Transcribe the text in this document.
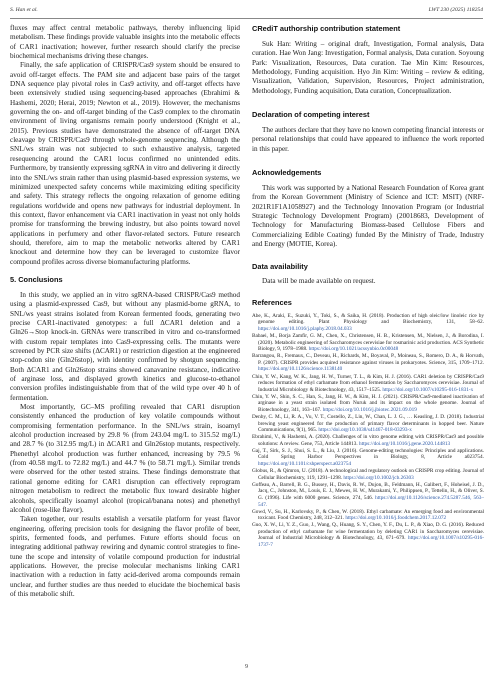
S. Han et al.	LWT 230 (2025) 118254

fluxes may affect central metabolic pathways, thereby influencing lipid metabolism. These findings provide valuable insights into the metabolic effects of CAR1 inactivation; however, further research should clarify the precise biochemical mechanisms driving these changes.

Finally, the safe application of CRISPR/Cas9 system should be ensured to avoid off-target effects. The PAM site and adjacent base pairs of the target DNA sequence play pivotal roles in Cas9 activity, and off-target effects have been extensively studied using sequencing-based approaches (Ebrahimi & Hashemi, 2020; Herai, 2019; Newton et al., 2019). However, the mechanisms governing the on- and off-target binding of the Cas9 complex to the chromatin environment of living organisms remain poorly understood (Knight et al., 2015). Previous studies have demonstrated the absence of off-target DNA cleavage by CRISPR/Cas9 through whole-genome sequencing. Although the SNL/ws strain was not subjected to such exhaustive analysis, targeted resequencing around the CAR1 locus confirmed no unintended edits. Furthermore, by transiently expressing sgRNA in vitro and delivering it directly into the SNL/ws strain rather than using plasmid-based expression systems, we minimized unexpected safety concerns while maximizing editing specificity and safety. This strategy reflects the ongoing relaxation of genome editing regulations worldwide and opens new pathways for industrial deployment. In this context, flavor enhancement via CAR1 inactivation in yeast not only holds promise for transforming the brewing industry, but also points toward novel applications in perfumery and other flavor-related sectors. Future research should, therefore, aim to map the metabolic networks altered by CAR1 knockout and determine how they can be leveraged to customize flavor compound profiles across diverse biomanufacturing platforms.

5. Conclusions

In this study, we applied an in vitro sgRNA-based CRISPR/Cas9 method using a plasmid-expressed Cas9, but without any plasmid-borne gRNA, to SNL/ws yeast strains isolated from Korean fermented foods, generating two precise CAR1-inactivated genotypes: a full ΔCAR1 deletion and a Gln26→Stop knock-in. GRNAs were transcribed in vitro and co-transformed with custom repair templates into Cas9-expressing cells. The mutants were screened by PCR size shifts (ΔCAR1) or restriction digestion at the engineered stop-codon site (Gln26stop), with identity confirmed by shotgun sequencing. Both ΔCAR1 and Gln26stop strains showed canavanine resistance, indicative of arginase loss, and displayed growth kinetics and glucose-to-ethanol conversion profiles indistinguishable from that of the wild type over 40 h of fermentation.

Most importantly, GC–MS profiling revealed that CAR1 disruption consistently enhanced the production of key volatile compounds without compromising fermentation performance. In the SNL/ws strain, isoamyl alcohol production increased by 29.8 % (from 243.04 mg/L to 315.52 mg/L) and 28.7 % (to 312.95 mg/L) in ΔCAR1 and Gln26stop mutants, respectively. Phenethyl alcohol production was further enhanced, increasing by 79.5 % (from 40.58 mg/L to 72.82 mg/L) and 44.7 % (to 58.71 mg/L). Similar trends were observed for the other tested strains. These findings demonstrate that rational genome editing for CAR1 disruption can effectively reprogram nitrogen metabolism to redirect the metabolic flux toward desirable higher alcohols, specifically isoamyl alcohol (tropical/banana notes) and phenethyl alcohol (rose-like flavor).

Taken together, our results establish a versatile platform for yeast flavor engineering, offering precision tools for designing the flavor profile of beer, spirits, fermented foods, and perfumes. Future efforts should focus on integrating additional pathway rewiring and dynamic control strategies to fine-tune the scope and intensity of volatile compound production for industrial applications. However, the precise molecular mechanisms linking CAR1 inactivation with a reduction in fatty acid-derived aroma compounds remain unclear, and further studies are thus needed to elucidate the biochemical basis of this metabolic shift.

CRediT authorship contribution statement

Suk Han: Writing – original draft, Investigation, Formal analysis, Data curation. Hae Won Jang: Investigation, Formal analysis, Data curation. Soyoung Park: Visualization, Resources, Data curation. Tae Min Kim: Resources, Methodology, Funding acquisition. Hyo Jin Kim: Writing – review & editing, Visualization, Validation, Supervision, Resources, Project administration, Methodology, Funding acquisition, Data curation, Conceptualization.

Declaration of competing interest

The authors declare that they have no known competing financial interests or personal relationships that could have appeared to influence the work reported in this paper.

Acknowledgements

This work was supported by a National Research Foundation of Korea grant from the Korean Government (Ministry of Science and ICT: MSIT) (NRF-2021R1F1A1058927) and the Technology Innovation Program (or Industrial Strategic Technology Development Program) (20018683, Development of Technology for Manufacturing Biomass-based Cellulose Fibers and Commercializing Edible Coating) funded By the Ministry of Trade, Industry and Energy (MOTIE, Korea).

Data availability

Data will be made available on request.

References

Abe, K., Araki, E., Suzuki, Y., Toki, S., & Saika, H. (2018). Production of high oleic/low linoleic rice by genome editing. Plant Physiology and Biochemistry, 131, 58–62. https://doi.org/10.1016/j.plaphy.2018.04.033

Babaei, M., Borja Zamfir, G. M., Chen, X., Christensen, H. B., Kristensen, M., Nielsen, J., & Borodina, I. (2020). Metabolic engineering of Saccharomyces cerevisiae for rosmarinic acid production. ACS Synthetic Biology, 9, 1978–1988. https://doi.org/10.1021/acssynbio.0c00048

Barrangou, R., Fremaux, C., Deveau, H., Richards, M., Boyaval, P., Moineau, S., Romero, D. A., & Horvath, P. (2007). CRISPR provides acquired resistance against viruses in prokaryotes. Science, 315, 1709–1712. https://doi.org/10.1126/science.1138140

Chin, Y. W., Kang, W. K., Jang, H. W., Turner, T. L., & Kim, H. J. (2016). CAR1 deletion by CRISPR/Cas9 reduces formation of ethyl carbamate from ethanol fermentation by Saccharomyces cerevisiae. Journal of Industrial Microbiology & Biotechnology, 43, 1517–1525. https://doi.org/10.1007/s10295-016-1831-x

Chin, Y. W., Shin, S. C., Han, S., Jang, H. W., & Kim, H. J. (2021). CRISPR/Cas9-mediated inactivation of arginase in a yeast strain isolated from Nuruk and its impact on the whole genome. Journal of Biotechnology, 341, 163–167. https://doi.org/10.1016/j.jbiotec.2021.09.019

Denby, C. M., Li, R. A., Vu, V. T., Costello, Z., Lin, W., Chan, L. J. G., … Keasling, J. D. (2018). Industrial brewing yeast engineered for the production of primary flavor determinants in hopped beer. Nature Communications, 9(1), 965. https://doi.org/10.1038/s41467-018-03293-x

Ebrahimi, V., & Hashemi, A. (2020). Challenges of in vitro genome editing with CRISPR/Cas9 and possible solutions: A review. Gene, 753, Article 144813. https://doi.org/10.1016/j.gene.2020.144813

Gaj, T., Sirk, S. J., Shui, S. L., & Liu, J. (2016). Genome-editing technologies: Principles and applications. Cold Spring Harbor Perspectives in Biology, 8, Article a023754. https://doi.org/10.1101/cshperspect.a023754

Globus, R., & Qimron, U. (2018). A technological and regulatory outlook on CRISPR crop editing. Journal of Cellular Biochemistry, 119, 1291–1298. https://doi.org/10.1002/jcb.26303

Goffeau, A., Barrell, B. G., Bussey, H., Davis, R. W., Dujon, B., Feldmann, H., Galibert, F., Hoheisel, J. D., Jacq, C., Johnston, M., Louis, E. J., Mewes, H. W., Murakami, Y., Philippsen, P., Tettelin, H., & Oliver, S. G. (1996). Life with 6000 genes. Science, 274, 546. https://doi.org/10.1126/science.274.5287.546, 563–547.

Gowd, V., Su, H., Karlovsky, P., & Chen, W. (2018). Ethyl carbamate: An emerging food and environmental toxicant. Food Chemistry, 248, 312–321. https://doi.org/10.1016/j.foodchem.2017.12.072

Guo, X. W., Li, Y. Z., Guo, J., Wang, Q., Huang, S. Y., Chen, Y. F., Du, L. P., & Xiao, D. G. (2016). Reduced production of ethyl carbamate for wine fermentation by deleting CAR1 in Saccharomyces cerevisiae. Journal of Industrial Microbiology & Biotechnology, 43, 671–679. https://doi.org/10.1007/s10295-016-1737-7

9
